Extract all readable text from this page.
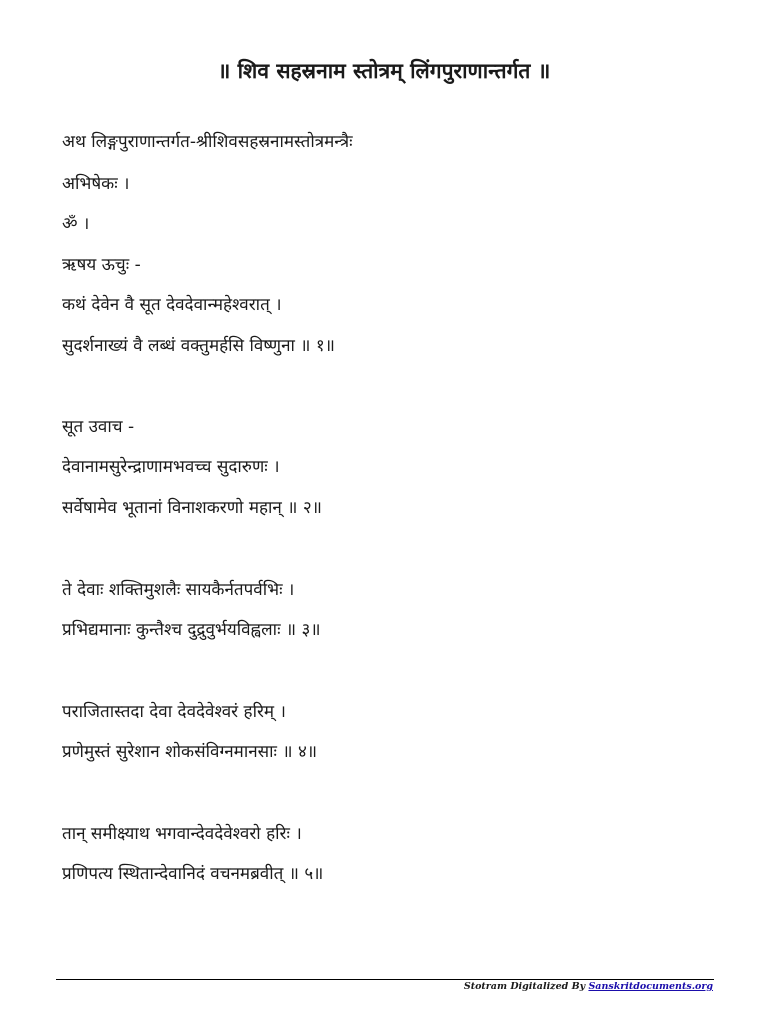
॥ शिव सहस्रनाम स्तोत्रम् लिंगपुराणान्तर्गत ॥
अथ लिङ्गपुराणान्तर्गत-श्रीशिवसहस्रनामस्तोत्रमन्त्रैः
अभिषेकः ।
ॐ ।
ऋषय ऊचुः -
कथं देवेन वै सूत देवदेवान्महेश्वरात् ।
सुदर्शनाख्यं वै लब्धं वक्तुमर्हसि विष्णुना ॥ १॥
सूत उवाच -
देवानामसुरेन्द्राणामभवच्च सुदारुणः ।
सर्वेषामेव भूतानां विनाशकरणो महान् ॥ २॥
ते देवाः शक्तिमुशलैः सायकैर्नतपर्वभिः ।
प्रभिद्यमानाः कुन्तैश्च दुद्रुवुर्भयविह्वलाः ॥ ३॥
पराजितास्तदा देवा देवदेवेश्वरं हरिम् ।
प्रणेमुस्तं सुरेशान शोकसंविग्नमानसाः ॥ ४॥
तान् समीक्ष्याथ भगवान्देवदेवेश्वरो हरिः ।
प्रणिपत्य स्थितान्देवानिदं वचनमब्रवीत् ॥ ५॥
Stotram Digitalized By Sanskritdocuments.org
